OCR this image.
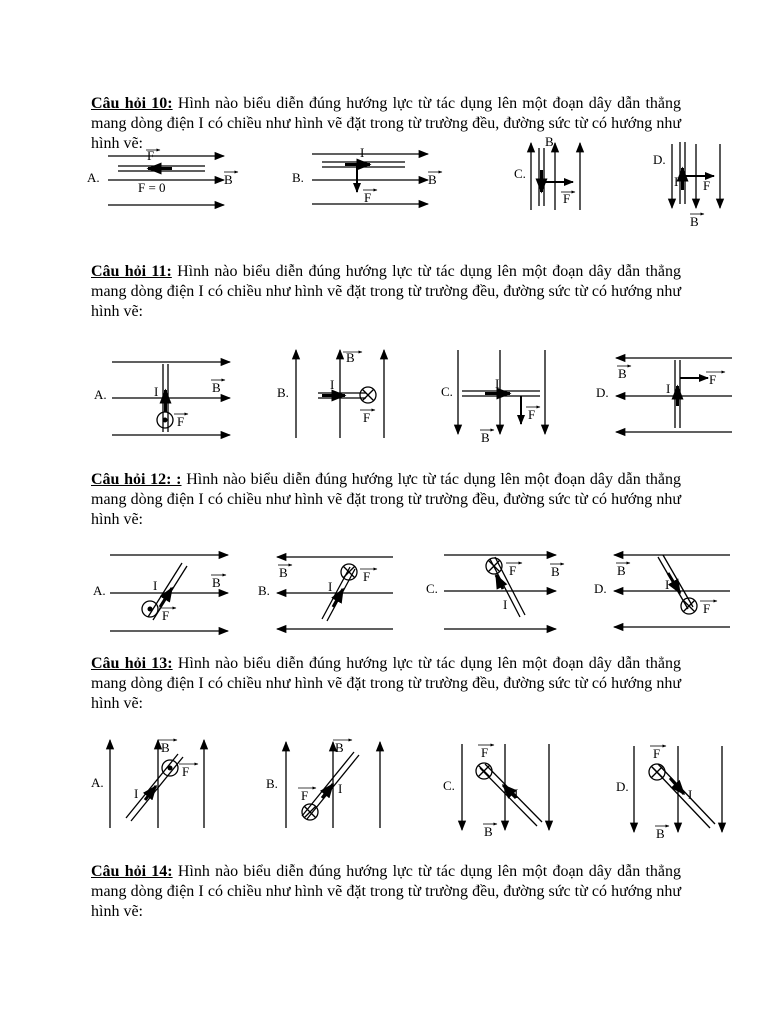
Câu hỏi 10: Hình nào biểu diễn đúng hướng lực từ tác dụng lên một đoạn dây dẫn thẳng mang dòng điện I có chiều như hình vẽ đặt trong từ trường đều, đường sức từ có hướng như hình vẽ:
A.
F
B
F = 0
B.
I
F
B	C.
B
F
D.
I F
B
Câu hỏi 11: Hình nào biểu diễn đúng hướng lực từ tác dụng lên một đoạn dây dẫn thẳng mang dòng điện I có chiều như hình vẽ đặt trong từ trường đều, đường sức từ có hướng như hình vẽ:
A.	I	B
F
B.
I
B
F
C.
I
F
B
D.	I
B	F
Câu hỏi 12: : Hình nào biểu diễn đúng hướng lực từ tác dụng lên một đoạn dây dẫn thẳng mang dòng điện I có chiều như hình vẽ đặt trong từ trường đều, đường sức từ có hướng như hình vẽ:
A.	I	B
F
B.	I
B	F
C.
I
F	B
D.	I
B
F
Câu hỏi 13: Hình nào biểu diễn đúng hướng lực từ tác dụng lên một đoạn dây dẫn thẳng mang dòng điện I có chiều như hình vẽ đặt trong từ trường đều, đường sức từ có hướng như hình vẽ:
A.
I
B
F
B.	I
B
F
C.
I
F
B
D.
I
F
B
Câu hỏi 14: Hình nào biểu diễn đúng hướng lực từ tác dụng lên một đoạn dây dẫn thẳng mang dòng điện I có chiều như hình vẽ đặt trong từ trường đều, đường sức từ có hướng như hình vẽ:
